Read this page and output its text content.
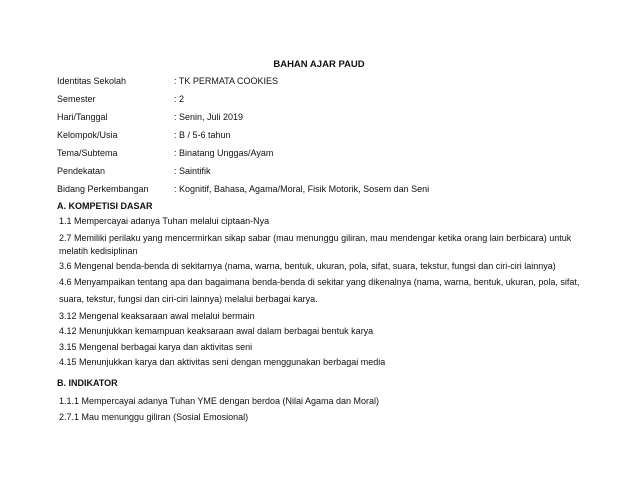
BAHAN AJAR PAUD
Identitas Sekolah	: TK PERMATA COOKIES
Semester	: 2
Hari/Tanggal	: Senin, Juli 2019
Kelompok/Usia	: B / 5-6 tahun
Tema/Subtema	: Binatang Unggas/Ayam
Pendekatan	: Saintifik
Bidang Perkembangan	: Kognitif, Bahasa, Agama/Moral, Fisik Motorik, Sosem dan Seni
A. KOMPETISI DASAR
1.1 Mempercayai adanya Tuhan melalui ciptaan-Nya
2.7 Memiliki perilaku yang mencermirkan sikap sabar (mau menunggu giliran, mau mendengar ketika orang lain berbicara) untuk
melatih kedisiplinan
3.6 Mengenal benda-benda di sekitarnya (nama, warna, bentuk, ukuran, pola, sifat, suara, tekstur, fungsi dan ciri-ciri lainnya)
4.6 Menyampaikan tentang apa dan bagaimana benda-benda di sekitar yang dikenalnya (nama, warna, bentuk, ukuran, pola, sifat,
suara, tekstur, fungsi dan ciri-ciri lainnya) melalui berbagai karya.
3.12 Mengenal keaksaraan awal melalui bermain
4.12 Menunjukkan kemampuan keaksaraan awal dalam berbagai bentuk karya
3.15 Mengenal berbagai karya dan aktivitas seni
4.15 Menunjukkan karya dan aktivitas seni dengan menggunakan berbagai media
B. INDIKATOR
1.1.1 Mempercayai adanya Tuhan YME dengan berdoa (Nilai Agama dan Moral)
2.7.1 Mau menunggu giliran (Sosial Emosional)
